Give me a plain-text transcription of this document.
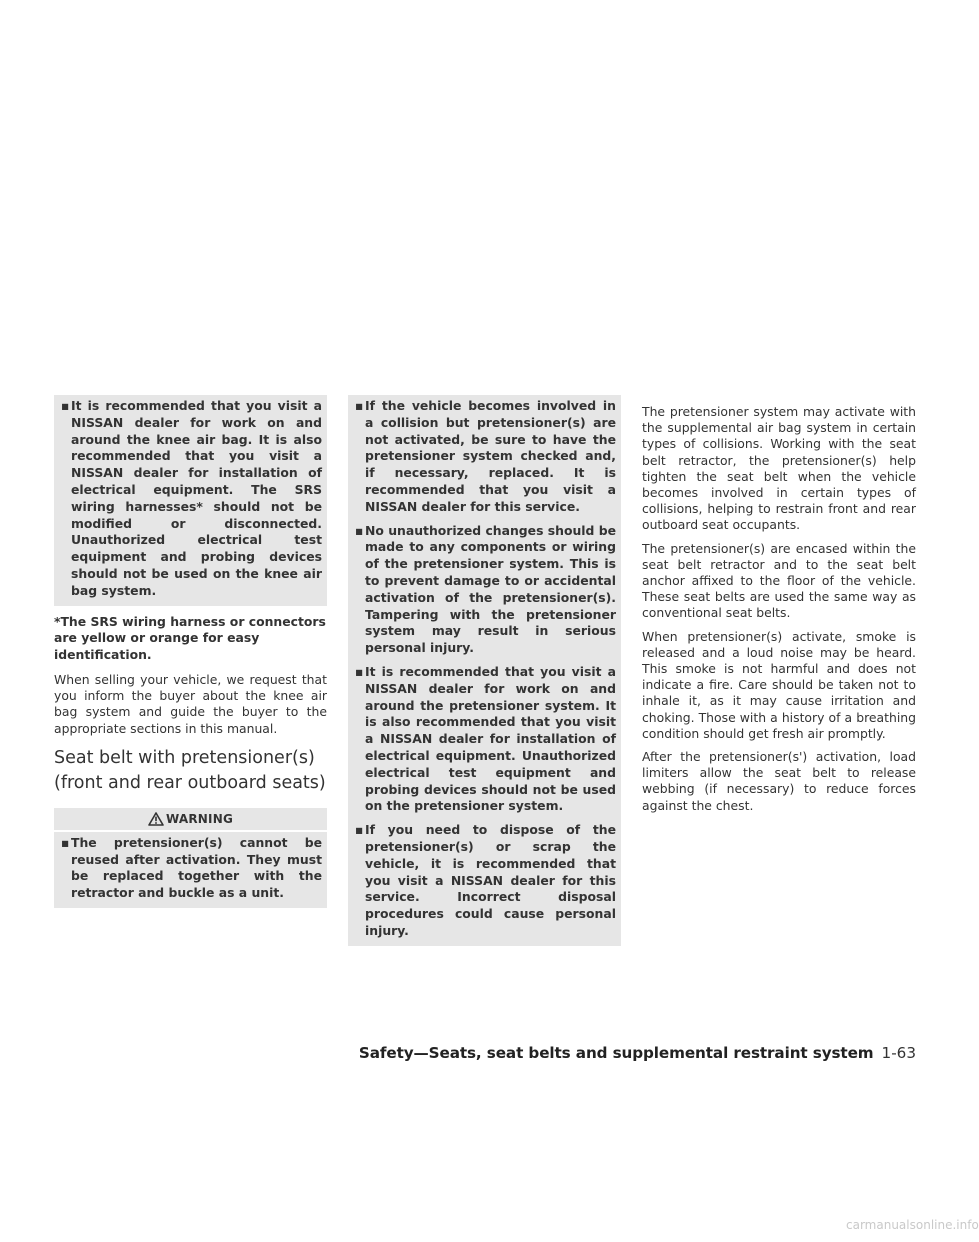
▪ It is recommended that you visit a NISSAN dealer for work on and around the knee air bag. It is also recommended that you visit a NISSAN dealer for installation of electrical equipment. The SRS wiring harnesses* should not be modified or disconnected. Unauthorized electrical test equipment and probing devices should not be used on the knee air bag system.

*The SRS wiring harness or connectors are yellow or orange for easy identification.

When selling your vehicle, we request that you inform the buyer about the knee air bag system and guide the buyer to the appropriate sections in this manual.

Seat belt with pretensioner(s) (front and rear outboard seats)
WARNING
▪ The pretensioner(s) cannot be reused after activation. They must be replaced together with the retractor and buckle as a unit.
▪ If the vehicle becomes involved in a collision but pretensioner(s) are not activated, be sure to have the pretensioner system checked and, if necessary, replaced. It is recommended that you visit a NISSAN dealer for this service.
▪ No unauthorized changes should be made to any components or wiring of the pretensioner system. This is to prevent damage to or accidental activation of the pretensioner(s). Tampering with the pretensioner system may result in serious personal injury.
▪ It is recommended that you visit a NISSAN dealer for work on and around the pretensioner system. It is also recommended that you visit a NISSAN dealer for installation of electrical equipment. Unauthorized electrical test equipment and probing devices should not be used on the pretensioner system.
▪ If you need to dispose of the pretensioner(s) or scrap the vehicle, it is recommended that you visit a NISSAN dealer for this service. Incorrect disposal procedures could cause personal injury.

The pretensioner system may activate with the supplemental air bag system in certain types of collisions. Working with the seat belt retractor, the pretensioner(s) help tighten the seat belt when the vehicle becomes involved in certain types of collisions, helping to restrain front and rear outboard seat occupants.

The pretensioner(s) are encased within the seat belt retractor and to the seat belt anchor affixed to the floor of the vehicle. These seat belts are used the same way as conventional seat belts.

When pretensioner(s) activate, smoke is released and a loud noise may be heard. This smoke is not harmful and does not indicate a fire. Care should be taken not to inhale it, as it may cause irritation and choking. Those with a history of a breathing condition should get fresh air promptly.

After the pretensioner(s') activation, load limiters allow the seat belt to release webbing (if necessary) to reduce forces against the chest.

Safety—Seats, seat belts and supplemental restraint system 1-63
carmanualsonline.info
